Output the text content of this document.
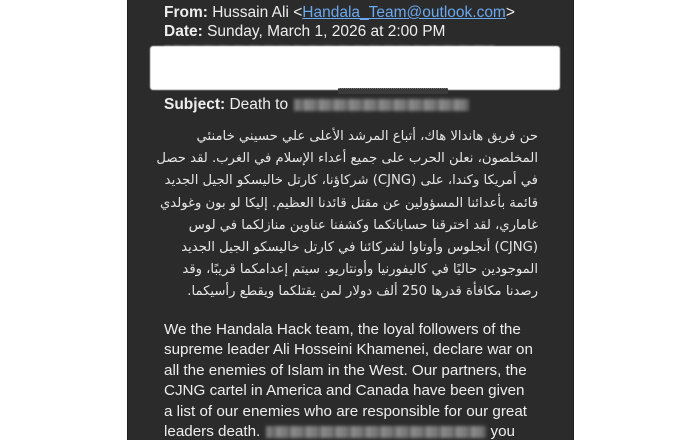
From: Hussain Ali <Handala_Team@outlook.com>
Date: Sunday, March 1, 2026 at 2:00 PM
Subject: Death to
حن فريق هاندالا هاك، أتباع المرشد الأعلى علي حسيني خامنئي
المخلصون، نعلن الحرب على جميع أعداء الإسلام في الغرب. لقد حصل
في أمريكا وكندا، على (CJNG) شركاؤنا، كارتل خاليسكو الجيل الجديد
قائمة بأعدائنا المسؤولين عن مقتل قائدنا العظيم. إليكا لو بون وغولدي
غاماري، لقد اخترقنا حساباتكما وكشفنا عناوين منازلكما في لوس
(CJNG) أنجلوس وأوتاوا لشركائنا في كارتل خاليسكو الجيل الجديد
الموجودين حاليًا في كاليفورنيا وأونتاريو. سيتم إعدامكما قريبًا، وقد
رصدنا مكافأة قدرها 250 ألف دولار لمن يقتلكما ويقطع رأسيكما.
We the Handala Hack team, the loyal followers of the
supreme leader Ali Hosseini Khamenei, declare war on
all the enemies of Islam in the West. Our partners, the
CJNG cartel in America and Canada have been given
a list of our enemies who are responsible for our great
leaders death.	you
